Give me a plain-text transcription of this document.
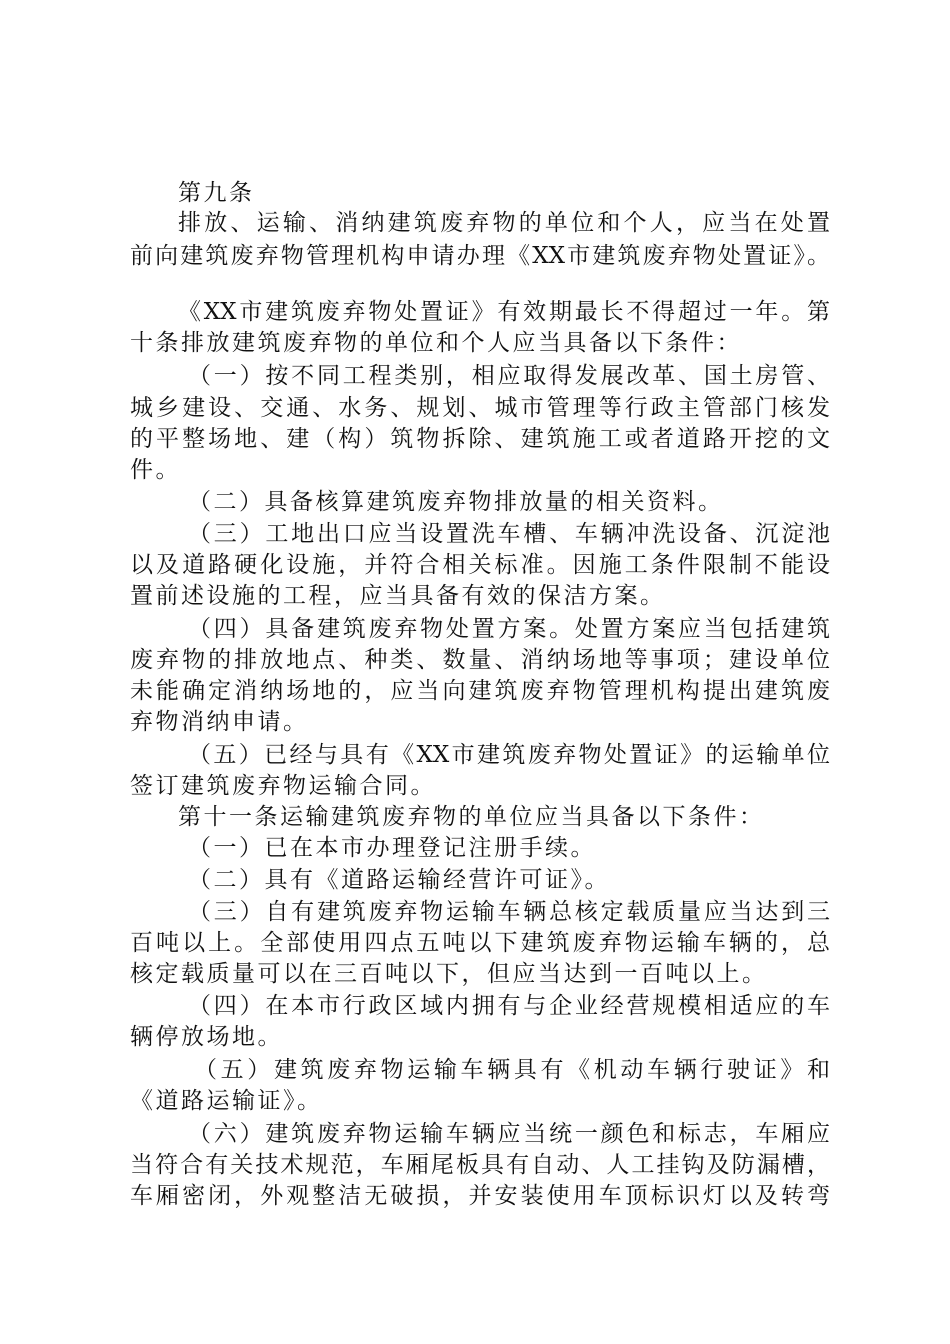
第九条
排放、运输、消纳建筑废弃物的单位和个人，应当在处置
前向建筑废弃物管理机构申请办理《XX市建筑废弃物处置证》。
《XX市建筑废弃物处置证》有效期最长不得超过一年。第
十条排放建筑废弃物的单位和个人应当具备以下条件：
（一）按不同工程类别，相应取得发展改革、国土房管、
城乡建设、交通、水务、规划、城市管理等行政主管部门核发
的平整场地、建（构）筑物拆除、建筑施工或者道路开挖的文
件。
（二）具备核算建筑废弃物排放量的相关资料。
（三）工地出口应当设置洗车槽、车辆冲洗设备、沉淀池
以及道路硬化设施，并符合相关标准。因施工条件限制不能设
置前述设施的工程，应当具备有效的保洁方案。
（四）具备建筑废弃物处置方案。处置方案应当包括建筑
废弃物的排放地点、种类、数量、消纳场地等事项；建设单位
未能确定消纳场地的，应当向建筑废弃物管理机构提出建筑废
弃物消纳申请。
（五）已经与具有《XX市建筑废弃物处置证》的运输单位
签订建筑废弃物运输合同。
第十一条运输建筑废弃物的单位应当具备以下条件：
（一）已在本市办理登记注册手续。
（二）具有《道路运输经营许可证》。
（三）自有建筑废弃物运输车辆总核定载质量应当达到三
百吨以上。全部使用四点五吨以下建筑废弃物运输车辆的，总
核定载质量可以在三百吨以下，但应当达到一百吨以上。
（四）在本市行政区域内拥有与企业经营规模相适应的车
辆停放场地。
（五）建筑废弃物运输车辆具有《机动车辆行驶证》和
《道路运输证》。
（六）建筑废弃物运输车辆应当统一颜色和标志，车厢应
当符合有关技术规范，车厢尾板具有自动、人工挂钩及防漏槽，
车厢密闭，外观整洁无破损，并安装使用车顶标识灯以及转弯
